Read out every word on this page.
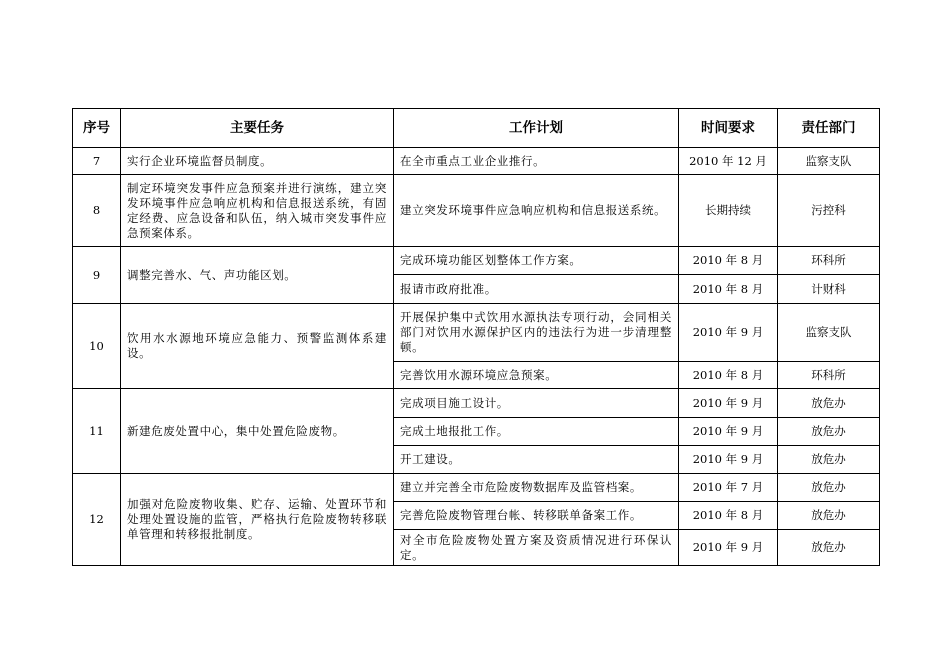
序号	主要任务	工作计划	时间要求	责任部门
7	实行企业环境监督员制度。	在全市重点工业企业推行。	2010 年 12 月	监察支队
8	制定环境突发事件应急预案并进行演练，建立突发环境事件应急响应机构和信息报送系统，有固定经费、应急设备和队伍，纳入城市突发事件应急预案体系。	建立突发环境事件应急响应机构和信息报送系统。	长期持续	污控科
9	调整完善水、气、声功能区划。	完成环境功能区划整体工作方案。	2010 年 8 月	环科所
		报请市政府批准。	2010 年 8 月	计财科
10	饮用水水源地环境应急能力、预警监测体系建设。	开展保护集中式饮用水源执法专项行动，会同相关部门对饮用水源保护区内的违法行为进一步清理整顿。	2010 年 9 月	监察支队
		完善饮用水源环境应急预案。	2010 年 8 月	环科所
11	新建危废处置中心，集中处置危险废物。	完成项目施工设计。	2010 年 9 月	放危办
		完成土地报批工作。	2010 年 9 月	放危办
		开工建设。	2010 年 9 月	放危办
12	加强对危险废物收集、贮存、运输、处置环节和处理处置设施的监管，严格执行危险废物转移联单管理和转移报批制度。	建立并完善全市危险废物数据库及监管档案。	2010 年 7 月	放危办
		完善危险废物管理台帐、转移联单备案工作。	2010 年 8 月	放危办
		对全市危险废物处置方案及资质情况进行环保认定。	2010 年 9 月	放危办
